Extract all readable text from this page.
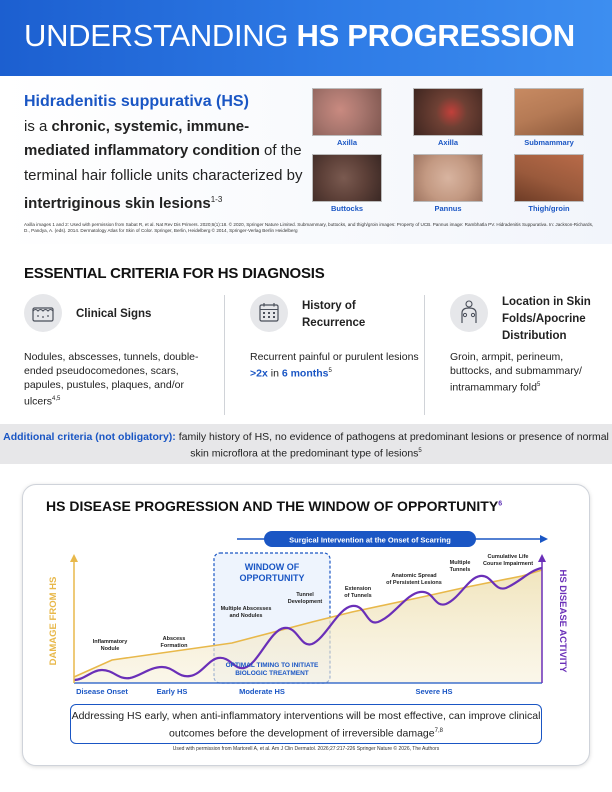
UNDERSTANDING HS PROGRESSION
Hidradenitis suppurativa (HS)
is a chronic, systemic, immune-mediated inflammatory condition of the terminal hair follicle units characterized by intertriginous skin lesions$^{1-3}$
Axilla	Axilla	Submammary
Buttocks	Pannus	Thigh/groin
Axilla images 1 and 2: Used with permission from Sabat R, et al. Nat Rev Dis Primers. 2020;6(1):18. © 2020, Springer Nature Limited. Submammary, buttocks, and thigh/groin images: Property of UCB. Pannus image: Rambhatla PV. Hidradenitis Suppurativa. In: Jackson-Richards, D., Pandya, A. (eds). 2014. Dermatology Atlas for Skin of Color. Springer, Berlin, Heidelberg © 2014, Springer-Verlag Berlin Heidelberg
ESSENTIAL CRITERIA FOR HS DIAGNOSIS
Clinical Signs
Nodules, abscesses, tunnels, double-ended pseudocomedones, scars, papules, pustules, plaques, and/or ulcers$^{4,5}$
History of Recurrence
Recurrent painful or purulent lesions >2x in 6 months$^5$
Location in Skin Folds/Apocrine Distribution
Groin, armpit, perineum, buttocks, and submammary/ intramammary fold$^5$
Additional criteria (not obligatory): family history of HS, no evidence of pathogens at predominant lesions or presence of normal skin microflora at the predominant type of lesions$^5$
HS DISEASE PROGRESSION AND THE WINDOW OF OPPORTUNITY$^6$
Surgical Intervention at the Onset of Scarring
WINDOW OF
OPPORTUNITY
DAMAGE FROM HS	HS DISEASE ACTIVITY
OPTIMAL TIMING TO INITIATE
BIOLOGIC TREATMENT
Inflammatory
Nodule
Abscess
Formation
Multiple Abscesses
and Nodules
Tunnel
Development
Extension
of Tunnels
Anatomic Spread
of Persistent Lesions
Multiple
Tunnels
Cumulative Life
Course Impairment
Disease Onset	Early HS	Moderate HS	Severe HS
Addressing HS early, when anti-inflammatory interventions will be most effective, can improve clinical outcomes before the development of irreversible damage$^{7,8}$
Used with permission from Martorell A, et al. Am J Clin Dermatol. 2026;27:217-226 Springer Nature © 2026, The Authors
